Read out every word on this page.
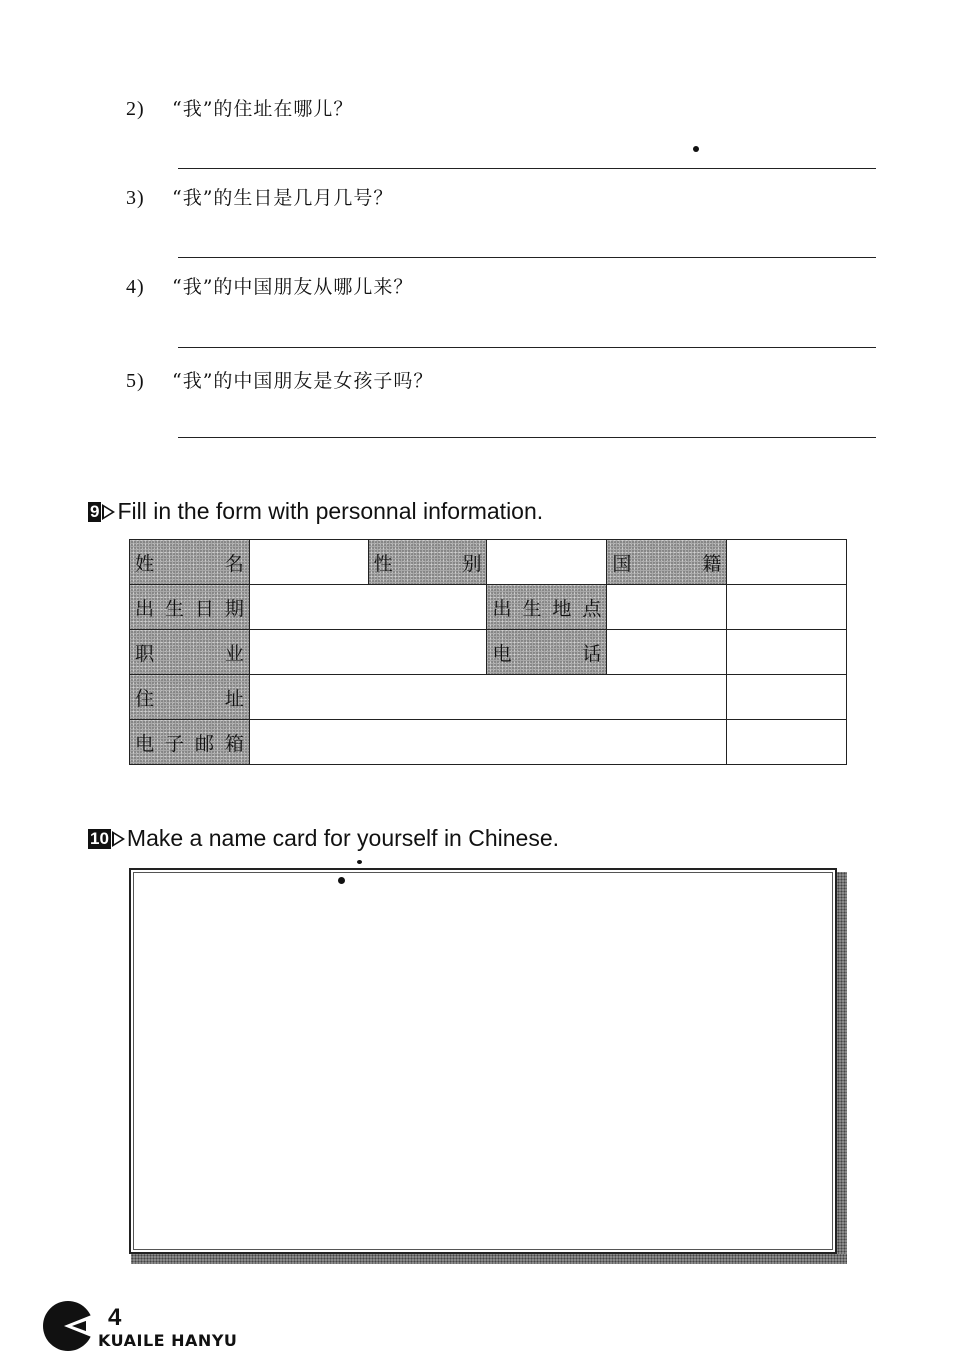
2) “我”的住址在哪儿？
3) “我”的生日是几月几号？
4) “我”的中国朋友从哪儿来？
5) “我”的中国朋友是女孩子吗？
9 Fill in the form with personnal information.
姓 名		性 别		国 籍	

出 生 日 期			出 生 地 点		

职 业			电 话		

住 址					

电 子 邮 箱					

10 Make a name card for yourself in Chinese.
4
KUAILE HANYU
